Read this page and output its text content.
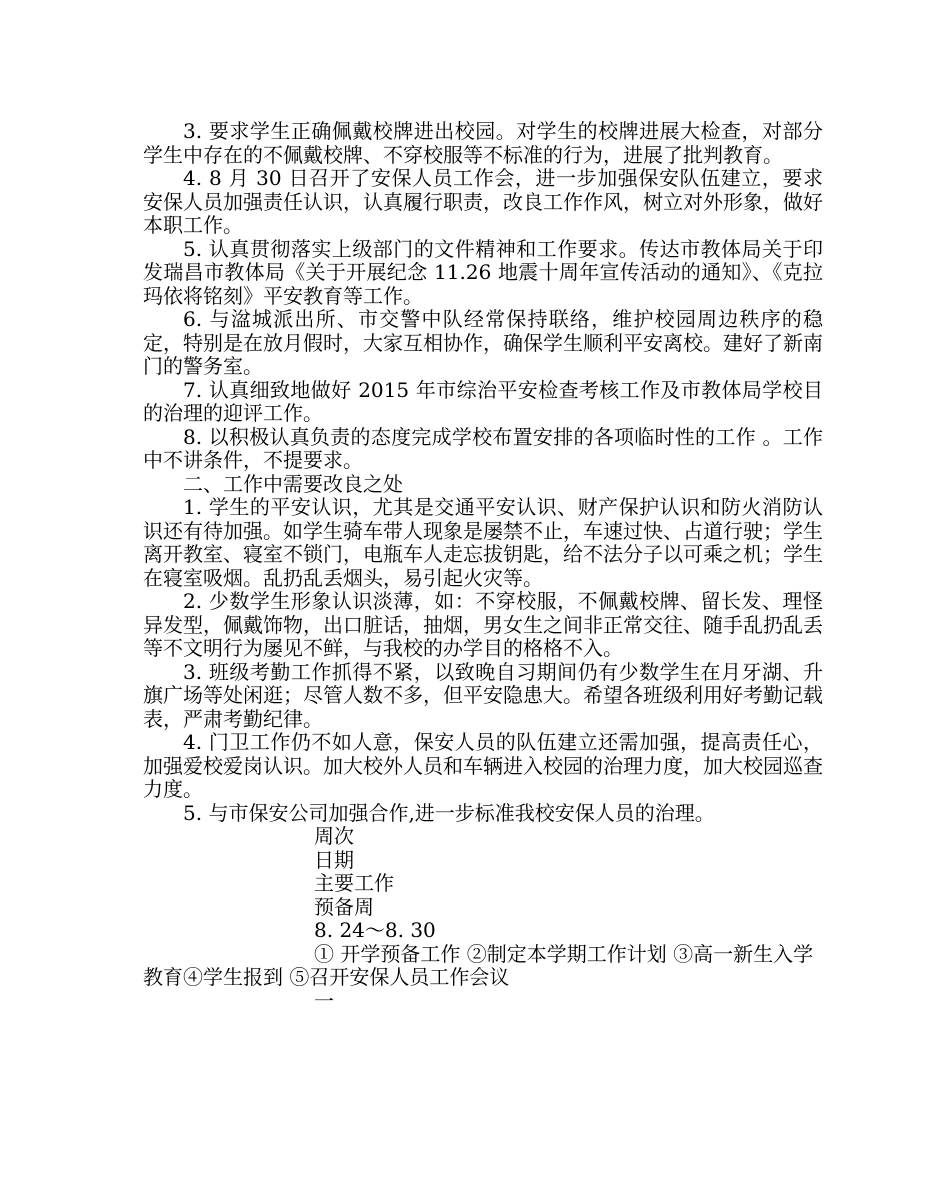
3. 要求学生正确佩戴校牌进出校园。对学生的校牌进展大检查，对部分学生中存在的不佩戴校牌、不穿校服等不标准的行为，进展了批判教育。

4. 8 月 30 日召开了安保人员工作会，进一步加强保安队伍建立，要求安保人员加强责任认识，认真履行职责，改良工作作风，树立对外形象，做好本职工作。

5. 认真贯彻落实上级部门的文件精神和工作要求。传达市教体局关于印发瑞昌市教体局《关于开展纪念 11.26 地震十周年宣传活动的通知》、《克拉玛依将铭刻》平安教育等工作。

6. 与湓城派出所、市交警中队经常保持联络，维护校园周边秩序的稳定，特别是在放月假时，大家互相协作，确保学生顺利平安离校。建好了新南门的警务室。

7. 认真细致地做好 2015 年市综治平安检查考核工作及市教体局学校目的治理的迎评工作。

8. 以积极认真负责的态度完成学校布置安排的各项临时性的工作 。工作中不讲条件，不提要求。

二、工作中需要改良之处

1. 学生的平安认识，尤其是交通平安认识、财产保护认识和防火消防认识还有待加强。如学生骑车带人现象是屡禁不止，车速过快、占道行驶；学生离开教室、寝室不锁门，电瓶车人走忘拔钥匙，给不法分子以可乘之机；学生在寝室吸烟。乱扔乱丢烟头，易引起火灾等。

2. 少数学生形象认识淡薄，如：不穿校服，不佩戴校牌、留长发、理怪异发型，佩戴饰物，出口脏话，抽烟，男女生之间非正常交往、随手乱扔乱丢等不文明行为屡见不鲜，与我校的办学目的格格不入。

3. 班级考勤工作抓得不紧，以致晚自习期间仍有少数学生在月牙湖、升旗广场等处闲逛；尽管人数不多，但平安隐患大。希望各班级利用好考勤记载表，严肃考勤纪律。

4. 门卫工作仍不如人意，保安人员的队伍建立还需加强，提高责任心，加强爱校爱岗认识。加大校外人员和车辆进入校园的治理力度，加大校园巡查力度。

5. 与市保安公司加强合作,进一步标准我校安保人员的治理。

周次

日期

主要工作

预备周

8. 24～8. 30

① 开学预备工作 ②制定本学期工作计划 ③高一新生入学教育④学生报到 ⑤召开安保人员工作会议

一
